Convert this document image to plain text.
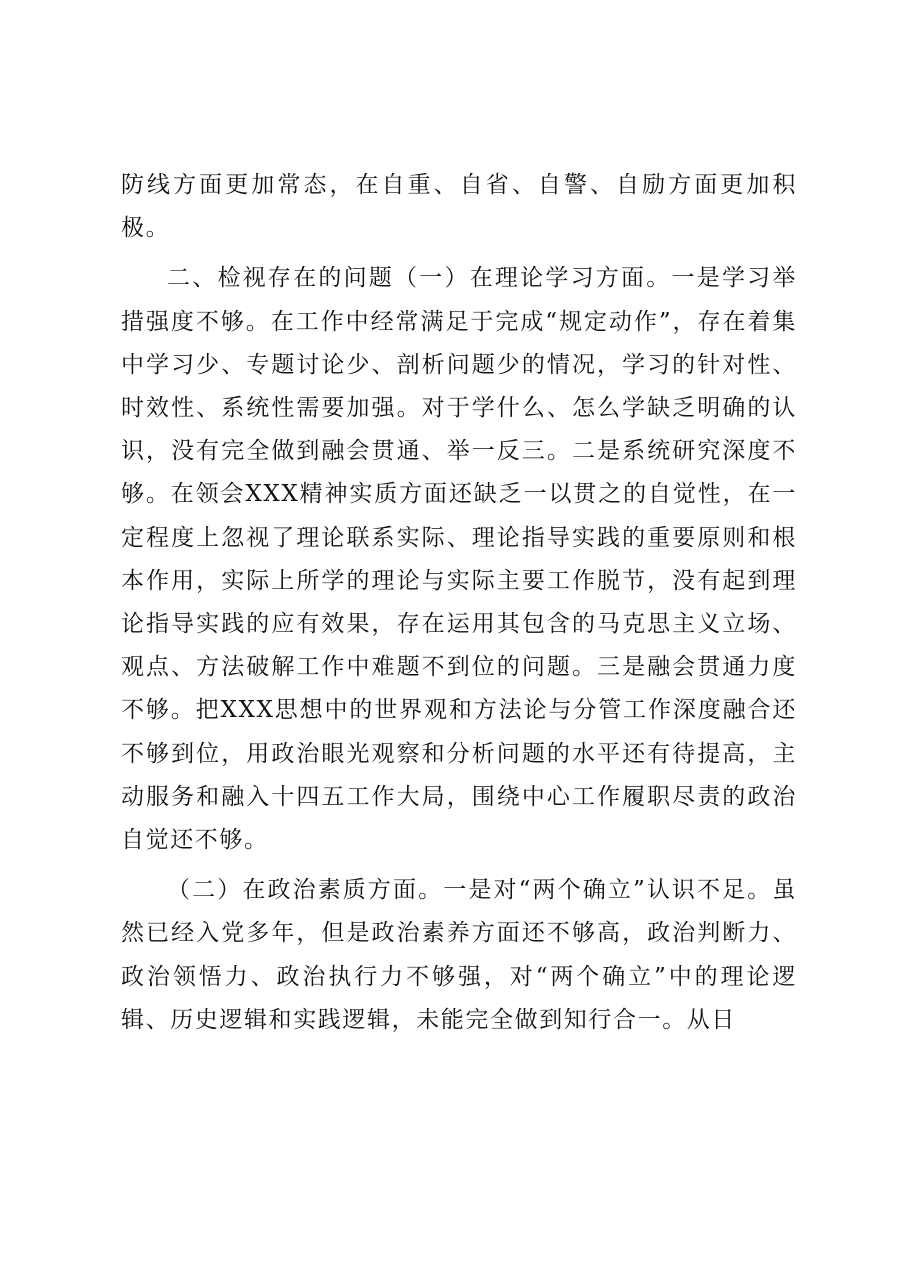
防线方面更加常态，在自重、自省、自警、自励方面更加积极。

二、检视存在的问题（一）在理论学习方面。一是学习举措强度不够。在工作中经常满足于完成“规定动作”，存在着集中学习少、专题讨论少、剖析问题少的情况，学习的针对性、时效性、系统性需要加强。对于学什么、怎么学缺乏明确的认识，没有完全做到融会贯通、举一反三。二是系统研究深度不够。在领会XXX精神实质方面还缺乏一以贯之的自觉性，在一定程度上忽视了理论联系实际、理论指导实践的重要原则和根本作用，实际上所学的理论与实际主要工作脱节，没有起到理论指导实践的应有效果，存在运用其包含的马克思主义立场、观点、方法破解工作中难题不到位的问题。三是融会贯通力度不够。把XXX思想中的世界观和方法论与分管工作深度融合还不够到位，用政治眼光观察和分析问题的水平还有待提高，主动服务和融入十四五工作大局，围绕中心工作履职尽责的政治自觉还不够。

（二）在政治素质方面。一是对“两个确立”认识不足。虽然已经入党多年，但是政治素养方面还不够高，政治判断力、政治领悟力、政治执行力不够强，对“两个确立”中的理论逻辑、历史逻辑和实践逻辑，未能完全做到知行合一。从日
